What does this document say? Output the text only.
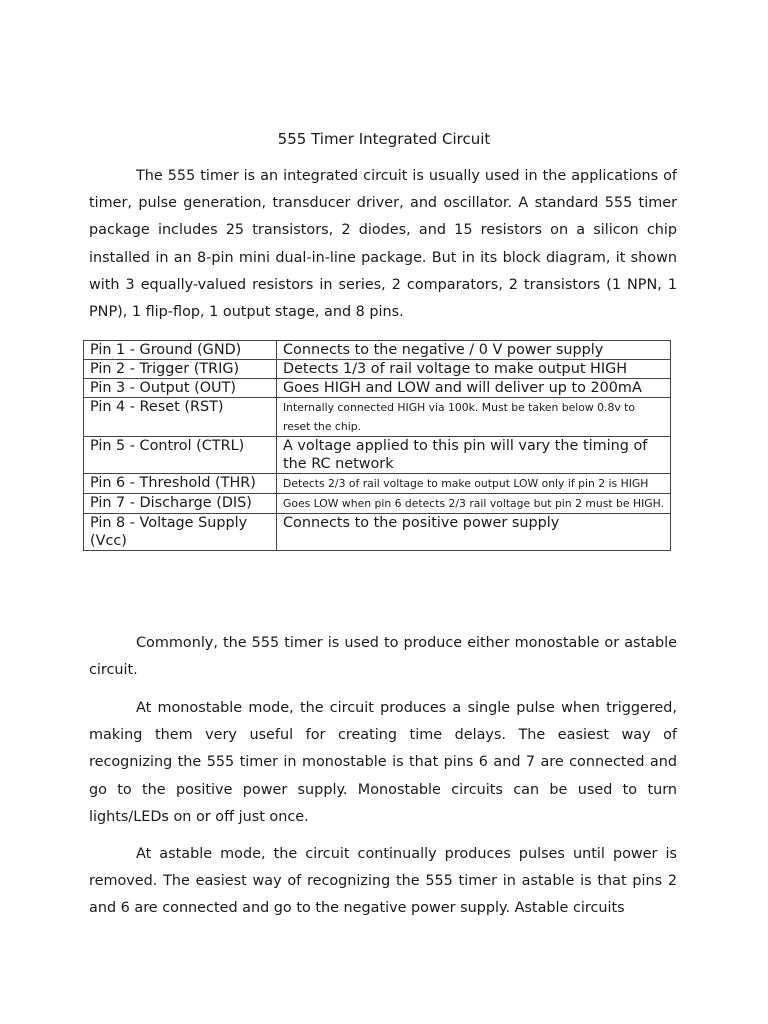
555 Timer Integrated Circuit

The 555 timer is an integrated circuit is usually used in the applications of timer, pulse generation, transducer driver, and oscillator. A standard 555 timer package includes 25 transistors, 2 diodes, and 15 resistors on a silicon chip installed in an 8-pin mini dual-in-line package. But in its block diagram, it shown with 3 equally-valued resistors in series, 2 comparators, 2 transistors (1 NPN, 1 PNP), 1 flip-flop, 1 output stage, and 8 pins.

Pin 1 - Ground (GND)	Connects to the negative / 0 V power supply
Pin 2 - Trigger (TRIG)	Detects 1/3 of rail voltage to make output HIGH
Pin 3 - Output (OUT)	Goes HIGH and LOW and will deliver up to 200mA
Pin 4 - Reset (RST)	Internally connected HIGH via 100k. Must be taken below 0.8v to reset the chip.
Pin 5 - Control (CTRL)	A voltage applied to this pin will vary the timing of the RC network
Pin 6 - Threshold (THR)	Detects 2/3 of rail voltage to make output LOW only if pin 2 is HIGH
Pin 7 - Discharge (DIS)	Goes LOW when pin 6 detects 2/3 rail voltage but pin 2 must be HIGH.
Pin 8 - Voltage Supply (Vcc)	Connects to the positive power supply

Commonly, the 555 timer is used to produce either monostable or astable circuit.

At monostable mode, the circuit produces a single pulse when triggered, making them very useful for creating time delays. The easiest way of recognizing the 555 timer in monostable is that pins 6 and 7 are connected and go to the positive power supply. Monostable circuits can be used to turn lights/LEDs on or off just once.

At astable mode, the circuit continually produces pulses until power is removed. The easiest way of recognizing the 555 timer in astable is that pins 2 and 6 are connected and go to the negative power supply. Astable circuits
